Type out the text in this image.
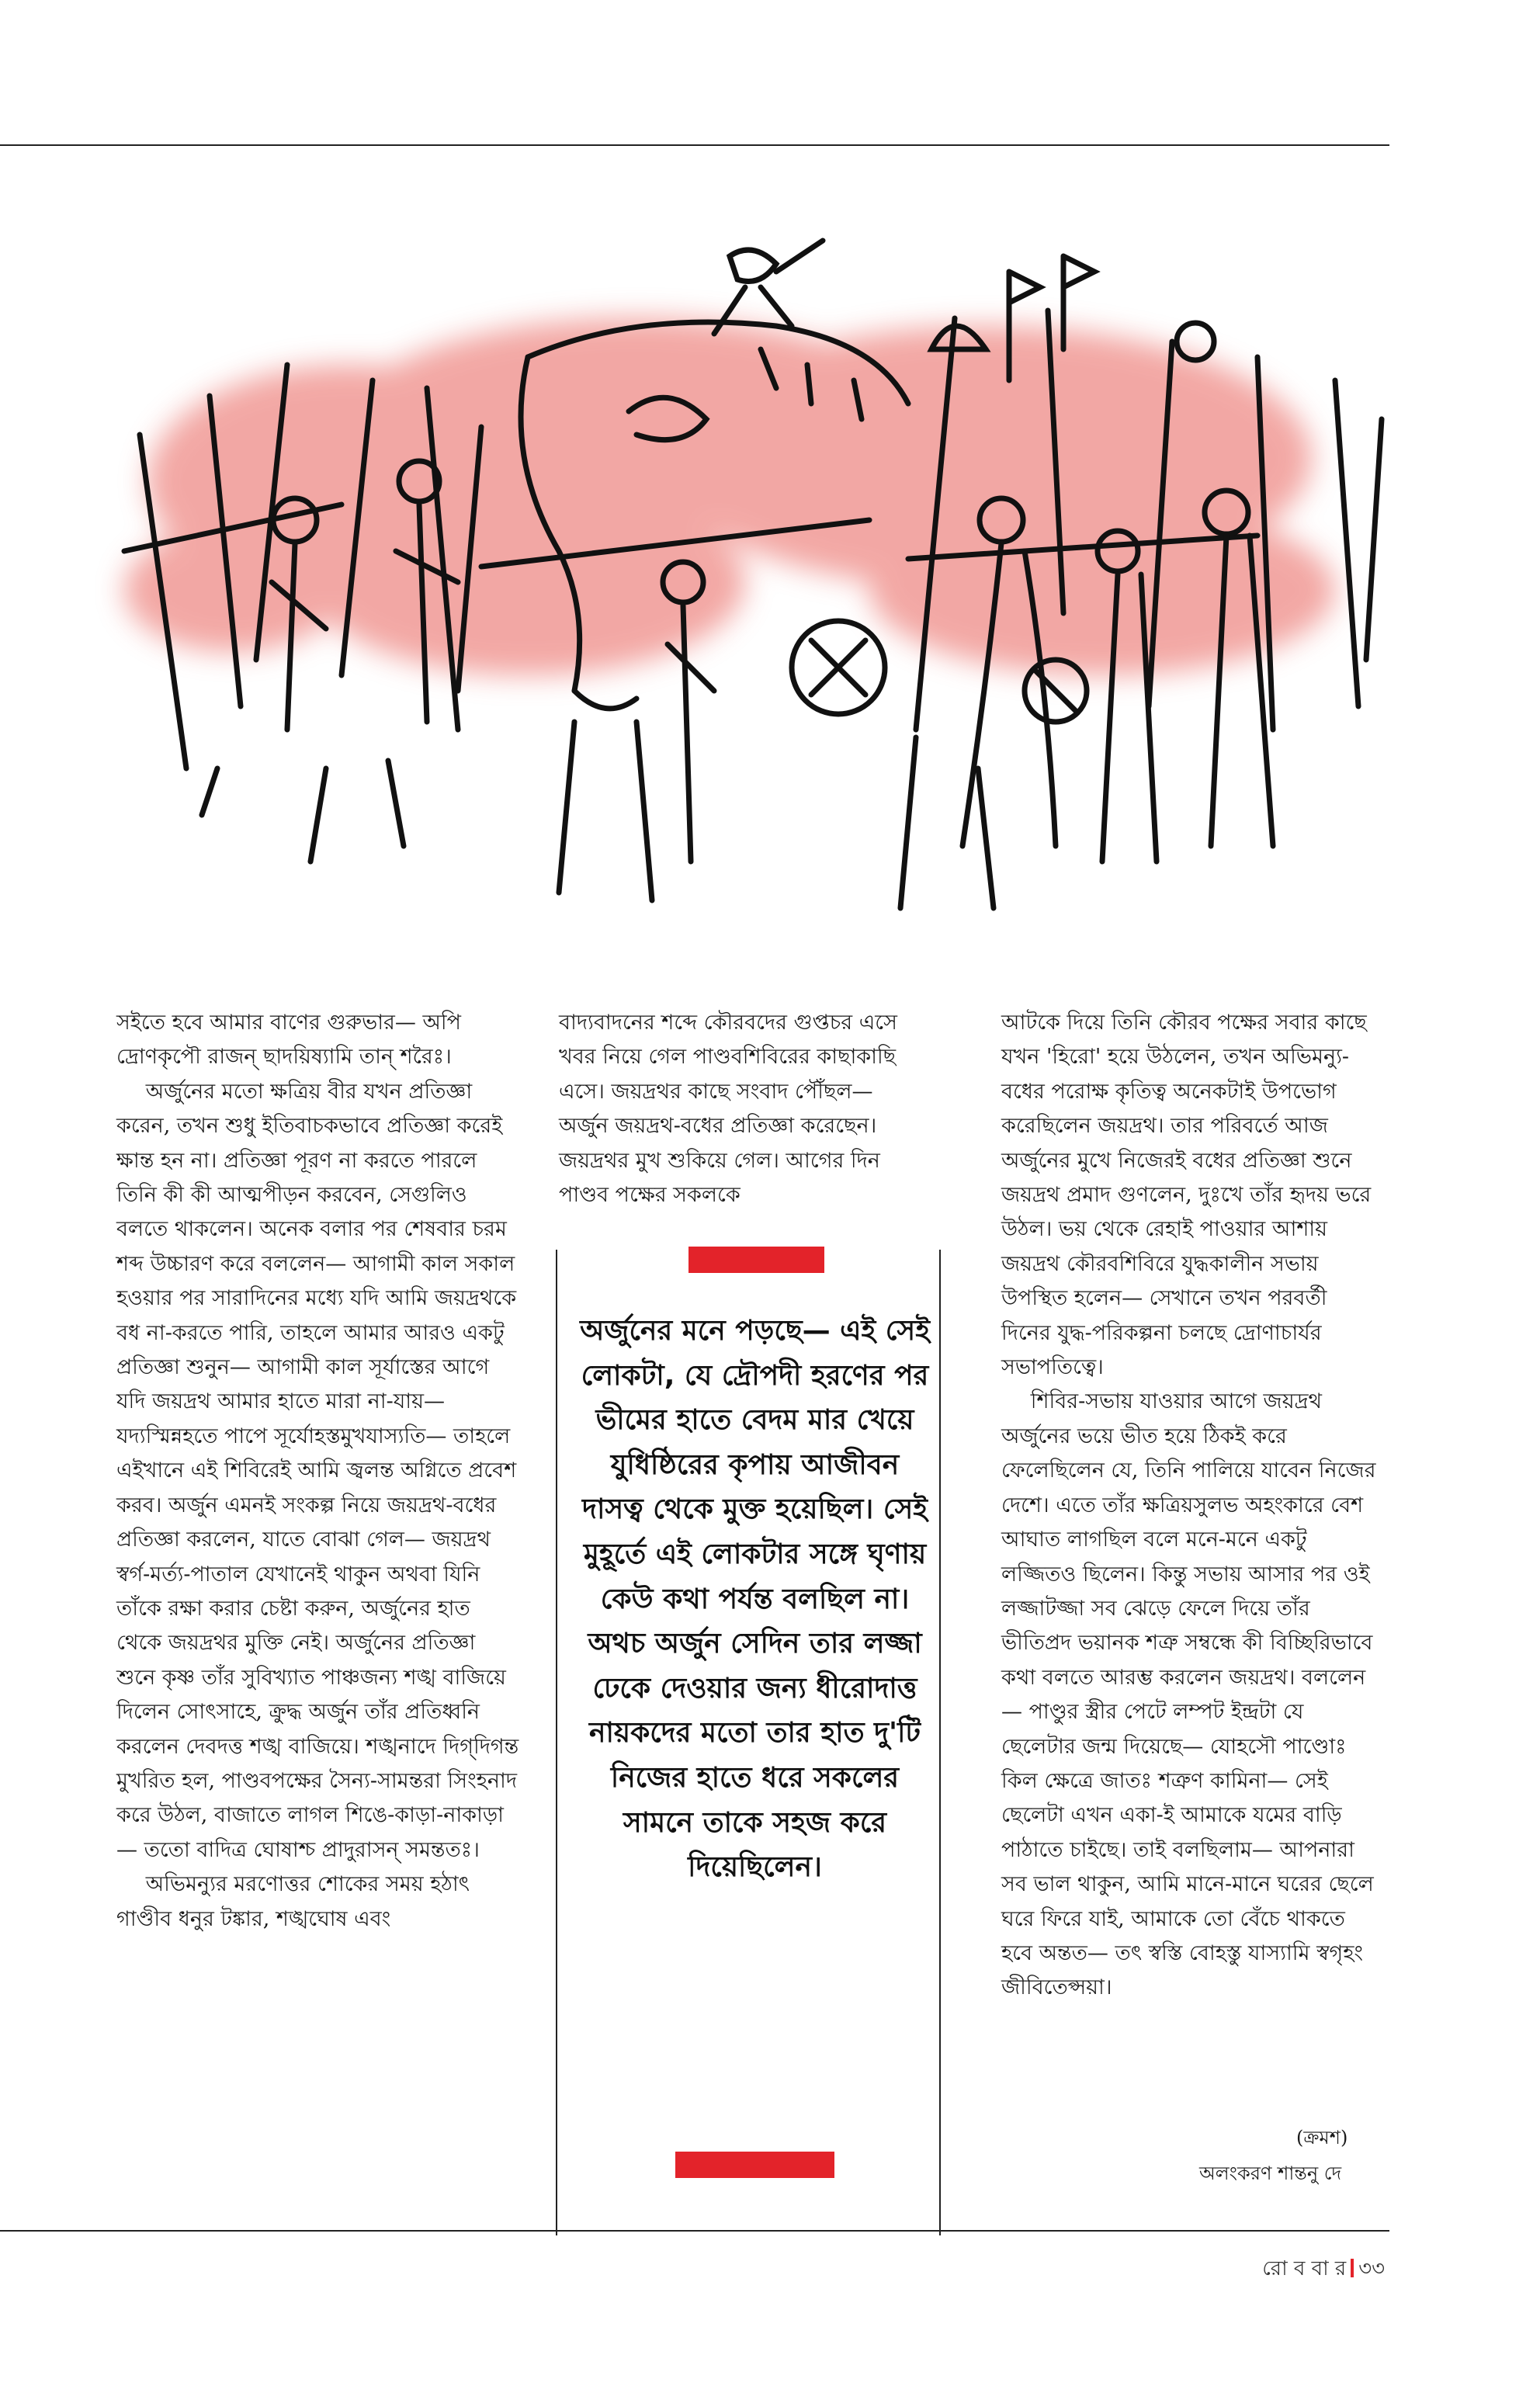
সইতে হবে আমার বাণের গুরুভার— অপি দ্রোণকৃপৌ রাজন্‌ ছাদয়িষ্যামি তান্‌ শরৈঃ।

অর্জুনের মতো ক্ষত্রিয় বীর যখন প্রতিজ্ঞা করেন, তখন শুধু ইতিবাচকভাবে প্রতিজ্ঞা করেই ক্ষান্ত হন না। প্রতিজ্ঞা পূরণ না করতে পারলে তিনি কী কী আত্মপীড়ন করবেন, সেগুলিও বলতে থাকলেন। অনেক বলার পর শেষবার চরম শব্দ উচ্চারণ করে বললেন— আগামী কাল সকাল হওয়ার পর সারাদিনের মধ্যে যদি আমি জয়দ্রথকে বধ না-করতে পারি, তাহলে আমার আরও একটু প্রতিজ্ঞা শুনুন— আগামী কাল সূর্যাস্তের আগে যদি জয়দ্রথ আমার হাতে মারা না-যায়— যদ্যস্মিন্নহতে পাপে সূর্যোহস্তমুখযাস্যতি— তাহলে এইখানে এই শিবিরেই আমি জ্বলন্ত অগ্নিতে প্রবেশ করব। অর্জুন এমনই সংকল্প নিয়ে জয়দ্রথ-বধের প্রতিজ্ঞা করলেন, যাতে বোঝা গেল— জয়দ্রথ স্বর্গ-মর্ত্য-পাতাল যেখানেই থাকুন অথবা যিনি তাঁকে রক্ষা করার চেষ্টা করুন, অর্জুনের হাত থেকে জয়দ্রথর মুক্তি নেই। অর্জুনের প্রতিজ্ঞা শুনে কৃষ্ণ তাঁর সুবিখ্যাত পাঞ্চজন্য শঙ্খ বাজিয়ে দিলেন সোৎসাহে, ক্রুদ্ধ অর্জুন তাঁর প্রতিধ্বনি করলেন দেবদত্ত শঙ্খ বাজিয়ে। শঙ্খনাদে দিগ্‌দিগন্ত মুখরিত হল, পাণ্ডবপক্ষের সৈন্য-সামন্তরা সিংহনাদ করে উঠল, বাজাতে লাগল শিঙে-কাড়া-নাকাড়া— ততো বাদিত্র ঘোষাশ্চ প্রাদুরাসন্‌ সমন্ততঃ।

অভিমন্যুর মরণোত্তর শোকের সময় হঠাৎ গাণ্ডীব ধনুর টঙ্কার, শঙ্খঘোষ এবং

বাদ্যবাদনের শব্দে কৌরবদের গুপ্তচর এসে খবর নিয়ে গেল পাণ্ডবশিবিরের কাছাকাছি এসে। জয়দ্রথর কাছে সংবাদ পৌঁছল— অর্জুন জয়দ্রথ-বধের প্রতিজ্ঞা করেছেন। জয়দ্রথর মুখ শুকিয়ে গেল। আগের দিন পাণ্ডব পক্ষের সকলকে

অর্জুনের মনে পড়ছে— এই সেই লোকটা, যে দ্রৌপদী হরণের পর ভীমের হাতে বেদম মার খেয়ে যুধিষ্ঠিরের কৃপায় আজীবন দাসত্ব থেকে মুক্ত হয়েছিল। সেই মুহূর্তে এই লোকটার সঙ্গে ঘৃণায় কেউ কথা পর্যন্ত বলছিল না। অথচ অর্জুন সেদিন তার লজ্জা ঢেকে দেওয়ার জন্য ধীরোদাত্ত নায়কদের মতো তার হাত দু'টি নিজের হাতে ধরে সকলের সামনে তাকে সহজ করে দিয়েছিলেন।

আটকে দিয়ে তিনি কৌরব পক্ষের সবার কাছে যখন 'হিরো' হয়ে উঠলেন, তখন অভিমন্যু-বধের পরোক্ষ কৃতিত্ব অনেকটাই উপভোগ করেছিলেন জয়দ্রথ। তার পরিবর্তে আজ অর্জুনের মুখে নিজেরই বধের প্রতিজ্ঞা শুনে জয়দ্রথ প্রমাদ গুণলেন, দুঃখে তাঁর হৃদয় ভরে উঠল। ভয় থেকে রেহাই পাওয়ার আশায় জয়দ্রথ কৌরবশিবিরে যুদ্ধকালীন সভায় উপস্থিত হলেন— সেখানে তখন পরবর্তী দিনের যুদ্ধ-পরিকল্পনা চলছে দ্রোণাচার্যর সভাপতিত্বে।

শিবির-সভায় যাওয়ার আগে জয়দ্রথ অর্জুনের ভয়ে ভীত হয়ে ঠিকই করে ফেলেছিলেন যে, তিনি পালিয়ে যাবেন নিজের দেশে। এতে তাঁর ক্ষত্রিয়সুলভ অহংকারে বেশ আঘাত লাগছিল বলে মনে-মনে একটু লজ্জিতও ছিলেন। কিন্তু সভায় আসার পর ওই লজ্জাটজ্জা সব ঝেড়ে ফেলে দিয়ে তাঁর ভীতিপ্রদ ভয়ানক শত্রু সম্বন্ধে কী বিচ্ছিরিভাবে কথা বলতে আরম্ভ করলেন জয়দ্রথ। বললেন— পাণ্ডুর স্ত্রীর পেটে লম্পট ইন্দ্রটা যে ছেলেটার জন্ম দিয়েছে— যোহসৌ পাণ্ডোঃ কিল ক্ষেত্রে জাতঃ শত্রুণ কামিনা— সেই ছেলেটা এখন একা-ই আমাকে যমের বাড়ি পাঠাতে চাইছে। তাই বলছিলাম— আপনারা সব ভাল থাকুন, আমি মানে-মানে ঘরের ছেলে ঘরে ফিরে যাই, আমাকে তো বেঁচে থাকতে হবে অন্তত— তৎ স্বস্তি বোহস্তু যাস্যামি স্বগৃহং জীবিতেপ্সয়া।

(ক্রমশ)
অলংকরণ শান্তনু দে
রো ব বা র ৩৩
